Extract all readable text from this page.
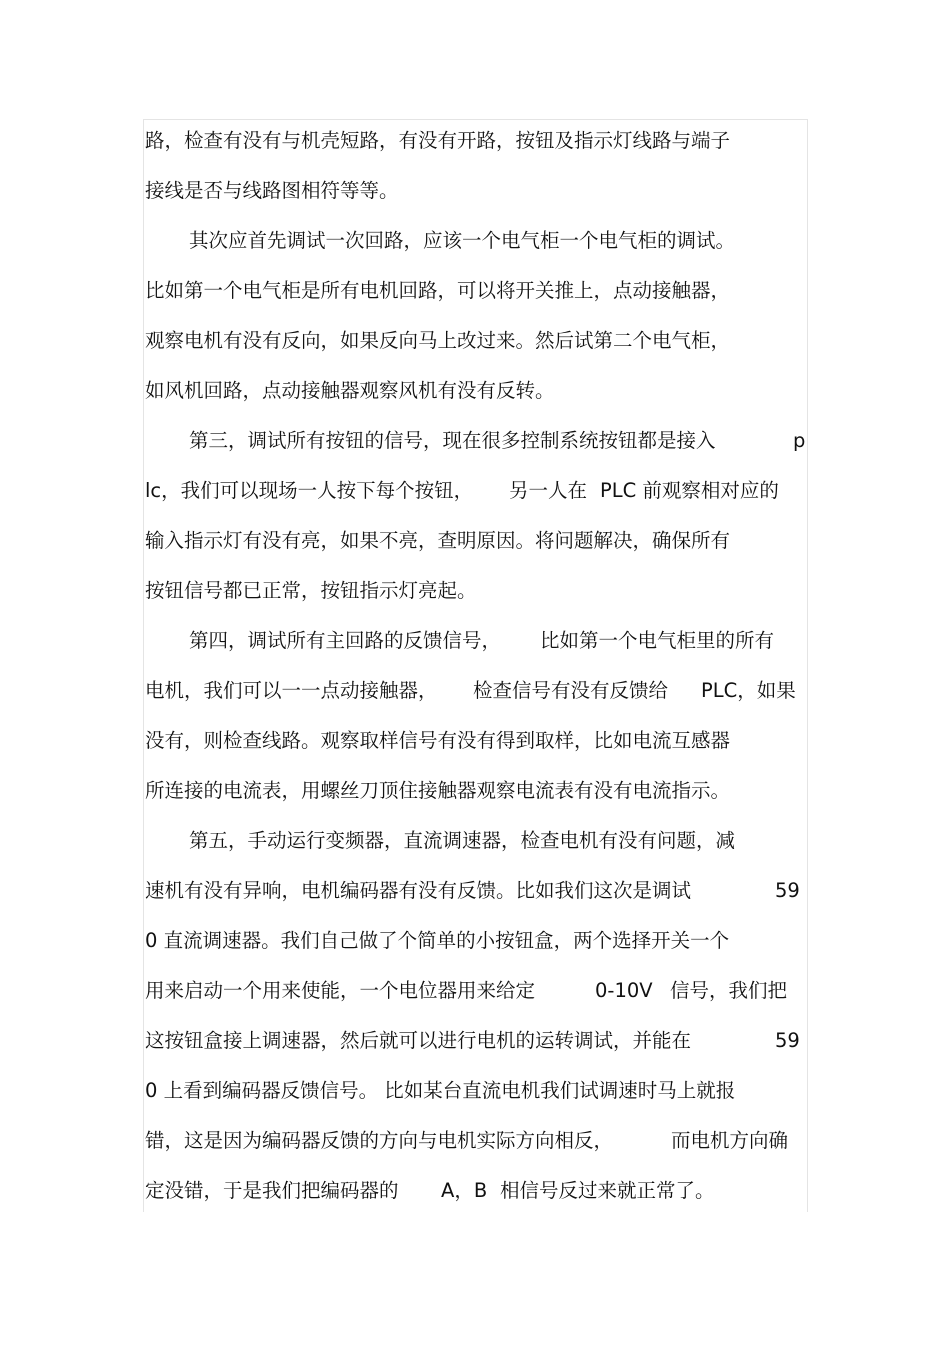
路，检查有没有与机壳短路，有没有开路，按钮及指示灯线路与端子

接线是否与线路图相符等等。

其次应首先调试一次回路，应该一个电气柜一个电气柜的调试。

比如第一个电气柜是所有电机回路，可以将开关推上，点动接触器，

观察电机有没有反向，如果反向马上改过来。然后试第二个电气柜，

如风机回路，点动接触器观察风机有没有反转。

第三，调试所有按钮的信号，现在很多控制系统按钮都是接入

	p

lc，我们可以现场一人按下每个按钮，

另一人在

PLC 前观察相对应的

输入指示灯有没有亮，如果不亮，查明原因。将问题解决，确保所有

按钮信号都已正常，按钮指示灯亮起。

第四，调试所有主回路的反馈信号，

比如第一个电气柜里的所有

电机，我们可以一一点动接触器，

检查信号有没有反馈给

PLC，如果

没有，则检查线路。观察取样信号有没有得到取样，比如电流互感器

所连接的电流表，用螺丝刀顶住接触器观察电流表有没有电流指示。

第五，手动运行变频器，直流调速器，检查电机有没有问题，减

速机有没有异响，电机编码器有没有反馈。比如我们这次是调试

	59

0 直流调速器。我们自己做了个简单的小按钮盒，两个选择开关一个

用来启动一个用来使能，一个电位器用来给定

	0-10V

信号，我们把

这按钮盒接上调速器，然后就可以进行电机的运转调试，并能在

	59

0 上看到编码器反馈信号。 比如某台直流电机我们试调速时马上就报

错，这是因为编码器反馈的方向与电机实际方向相反，

	而电机方向确

定没错，于是我们把编码器的

A，B

相信号反过来就正常了。
